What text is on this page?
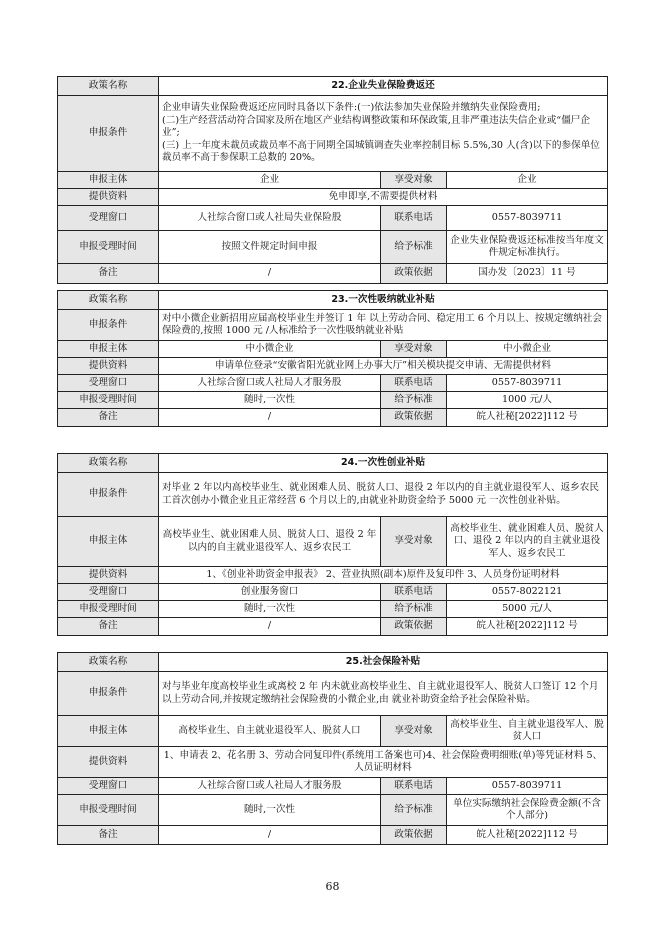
政策名称	22.企业失业保险费返还		
申报条件	企业申请失业保险费返还应同时具备以下条件:(一)依法参加失业保险并缴纳失业保险费用;
(二)生产经营活动符合国家及所在地区产业结构调整政策和环保政策,且非严重违法失信企业或“僵尸企业”;
(三) 上一年度未裁员或裁员率不高于同期全国城镇调查失业率控制目标 5.5%,30 人(含)以下的参保单位裁员率不高于参保职工总数的 20%。		

申报主体	企业	享受对象	企业
提供资料	免申即享,不需要提供材料		
受理窗口	人社综合窗口或人社局失业保险股	联系电话	0557-8039711
申报受理时间	按照文件规定时间申报	给予标准	企业失业保险费返还标准按当年度文件规定标准执行。
备注	/	政策依据	国办发〔2023〕11 号
政策名称	23.一次性吸纳就业补贴		
申报条件	对中小微企业新招用应届高校毕业生并签订 1 年 以上劳动合同、稳定用工 6 个月以上、按规定缴纳社会保险费的,按照 1000 元 /人标准给予一次性吸纳就业补贴		

申报主体	中小微企业	享受对象	中小微企业
提供资料	申请单位登录“安徽省阳光就业网上办事大厅”相关模块提交申请、无需提供材料		
受理窗口	人社综合窗口或人社局人才服务股	联系电话	0557-8039711
申报受理时间	随时,一次性	给予标准	1000 元/人
备注	/	政策依据	皖人社秘[2022]112 号
政策名称	24.一次性创业补贴		
申报条件	对毕业 2 年以内高校毕业生、就业困难人员、脱贫人口、退役 2 年以内的自主就业退役军人、返乡农民工首次创办小微企业且正常经营 6 个月以上的,由就业补助资金给予 5000 元 一次性创业补贴。		

申报主体	高校毕业生、就业困难人员、脱贫人口、退役 2 年以内的自主就业退役军人、返乡农民工	享受对象	高校毕业生、就业困难人员、脱贫人口、退役 2 年以内的自主就业退役军人、返乡农民工
提供资料	1、《创业补助资金申报表》 2、营业执照(副本)原件及复印件 3、人员身份证明材料		
受理窗口	创业服务窗口	联系电话	0557-8022121
申报受理时间	随时,一次性	给予标准	5000 元/人
备注	/	政策依据	皖人社秘[2022]112 号
政策名称	25.社会保险补贴		
申报条件	对与毕业年度高校毕业生或离校 2 年 内未就业高校毕业生、自主就业退役军人、脱贫人口签订 12 个月以上劳动合同,并按规定缴纳社会保险费的小微企业,由 就业补助资金给予社会保险补贴。		

申报主体	高校毕业生、自主就业退役军人、脱贫人口	享受对象	高校毕业生、自主就业退役军人、脱贫人口
提供资料	1、申请表 2、花名册 3、劳动合同复印件(系统用工备案也可)4、社会保险费明细账(单)等凭证材料 5、人员证明材料		
受理窗口	人社综合窗口或人社局人才服务股	联系电话	0557-8039711
申报受理时间	随时,一次性	给予标准	单位实际缴纳社会保险费金额(不含个人部分)
备注	/	政策依据	皖人社秘[2022]112 号
68
